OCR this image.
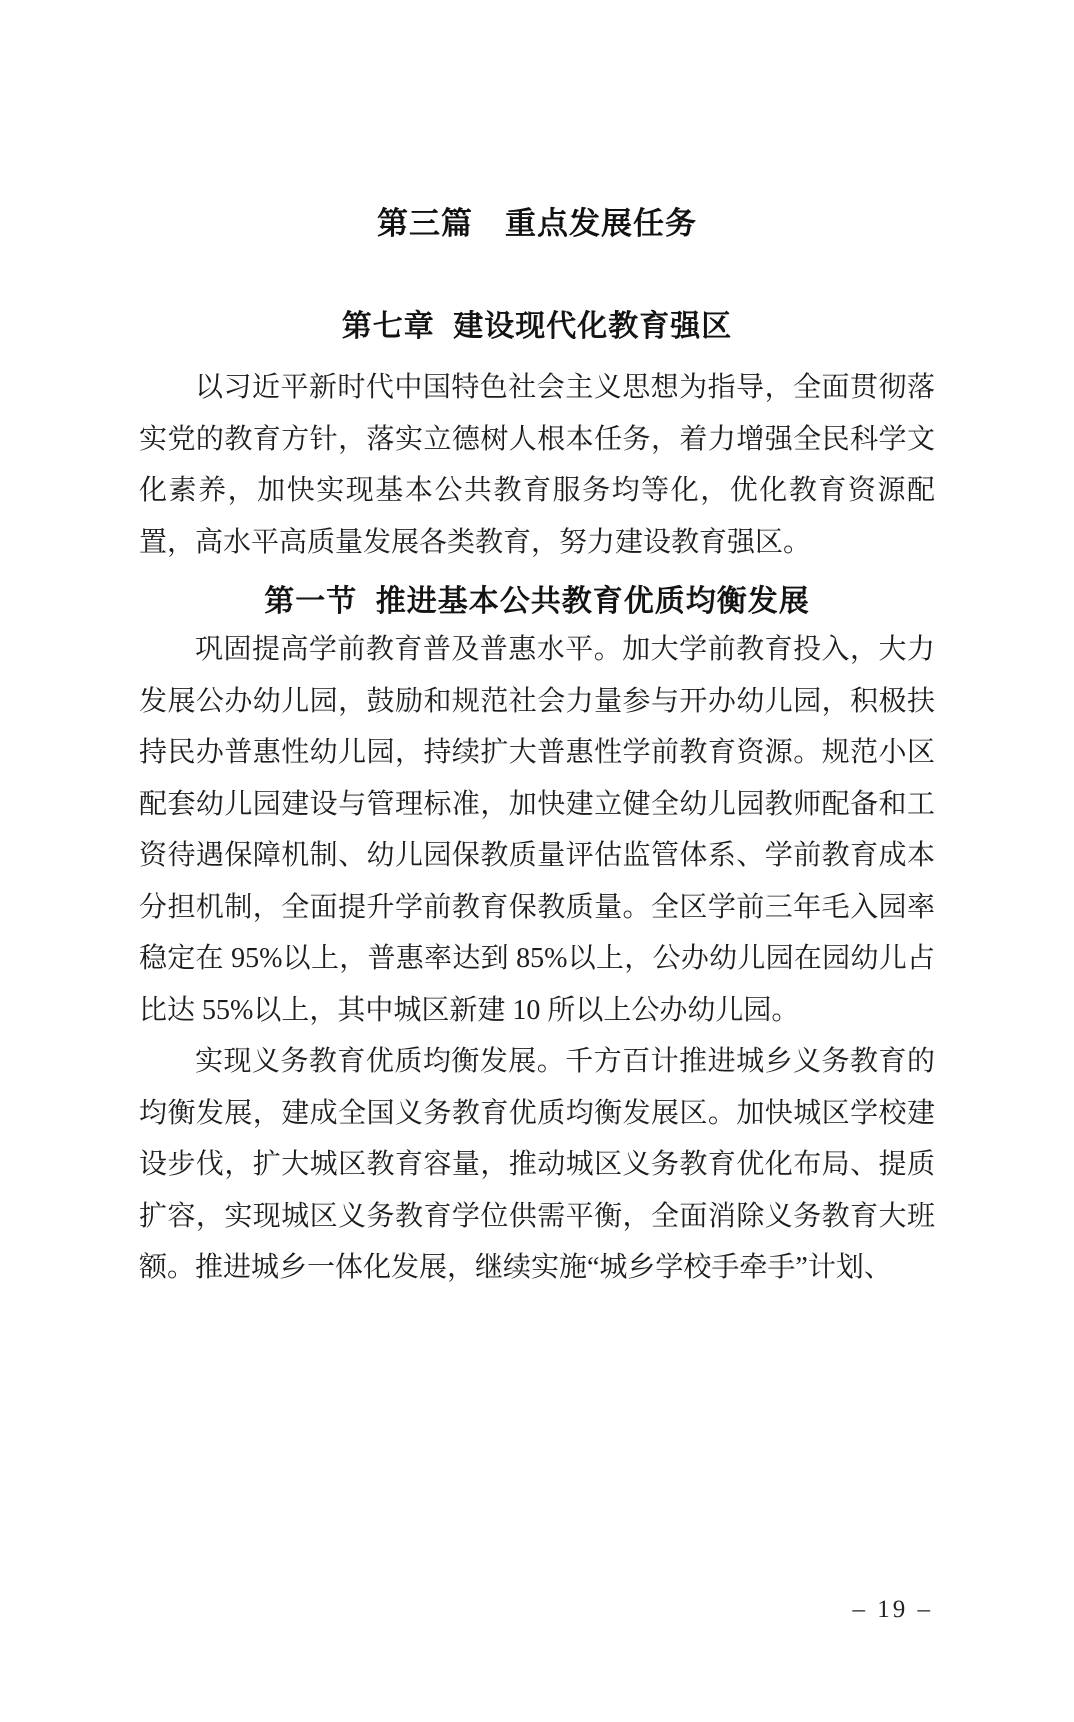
第三篇　重点发展任务
第七章 建设现代化教育强区

以习近平新时代中国特色社会主义思想为指导，全面贯彻落实党的教育方针，落实立德树人根本任务，着力增强全民科学文化素养，加快实现基本公共教育服务均等化，优化教育资源配置，高水平高质量发展各类教育，努力建设教育强区。

第一节 推进基本公共教育优质均衡发展

巩固提高学前教育普及普惠水平。加大学前教育投入，大力发展公办幼儿园，鼓励和规范社会力量参与开办幼儿园，积极扶持民办普惠性幼儿园，持续扩大普惠性学前教育资源。规范小区配套幼儿园建设与管理标准，加快建立健全幼儿园教师配备和工资待遇保障机制、幼儿园保教质量评估监管体系、学前教育成本分担机制，全面提升学前教育保教质量。全区学前三年毛入园率稳定在 95%以上，普惠率达到 85%以上，公办幼儿园在园幼儿占比达 55%以上，其中城区新建 10 所以上公办幼儿园。

实现义务教育优质均衡发展。千方百计推进城乡义务教育的均衡发展，建成全国义务教育优质均衡发展区。加快城区学校建设步伐，扩大城区教育容量，推动城区义务教育优化布局、提质扩容，实现城区义务教育学位供需平衡，全面消除义务教育大班额。推进城乡一体化发展，继续实施“城乡学校手牵手”计划、

– 19 –
